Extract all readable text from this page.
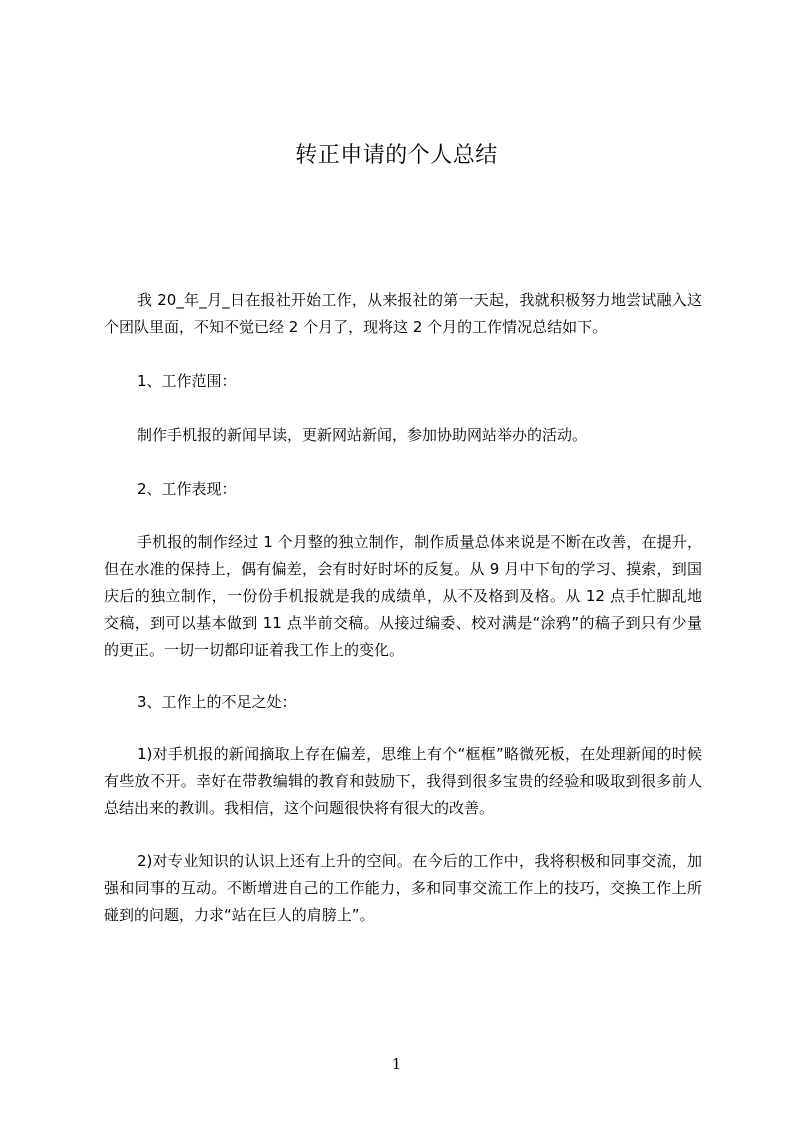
转正申请的个人总结

我 20_年_月_日在报社开始工作，从来报社的第一天起，我就积极努力地尝试融入这个团队里面，不知不觉已经 2 个月了，现将这 2 个月的工作情况总结如下。

1、工作范围：

制作手机报的新闻早读，更新网站新闻，参加协助网站举办的活动。

2、工作表现：

手机报的制作经过 1 个月整的独立制作，制作质量总体来说是不断在改善，在提升，但在水准的保持上，偶有偏差，会有时好时坏的反复。从 9 月中下旬的学习、摸索，到国庆后的独立制作，一份份手机报就是我的成绩单，从不及格到及格。从 12 点手忙脚乱地交稿，到可以基本做到 11 点半前交稿。从接过编委、校对满是“涂鸦”的稿子到只有少量的更正。一切一切都印证着我工作上的变化。

3、工作上的不足之处：

1)对手机报的新闻摘取上存在偏差，思维上有个“框框”略微死板，在处理新闻的时候有些放不开。幸好在带教编辑的教育和鼓励下，我得到很多宝贵的经验和吸取到很多前人总结出来的教训。我相信，这个问题很快将有很大的改善。

2)对专业知识的认识上还有上升的空间。在今后的工作中，我将积极和同事交流，加强和同事的互动。不断增进自己的工作能力，多和同事交流工作上的技巧，交换工作上所碰到的问题，力求“站在巨人的肩膀上”。

1
